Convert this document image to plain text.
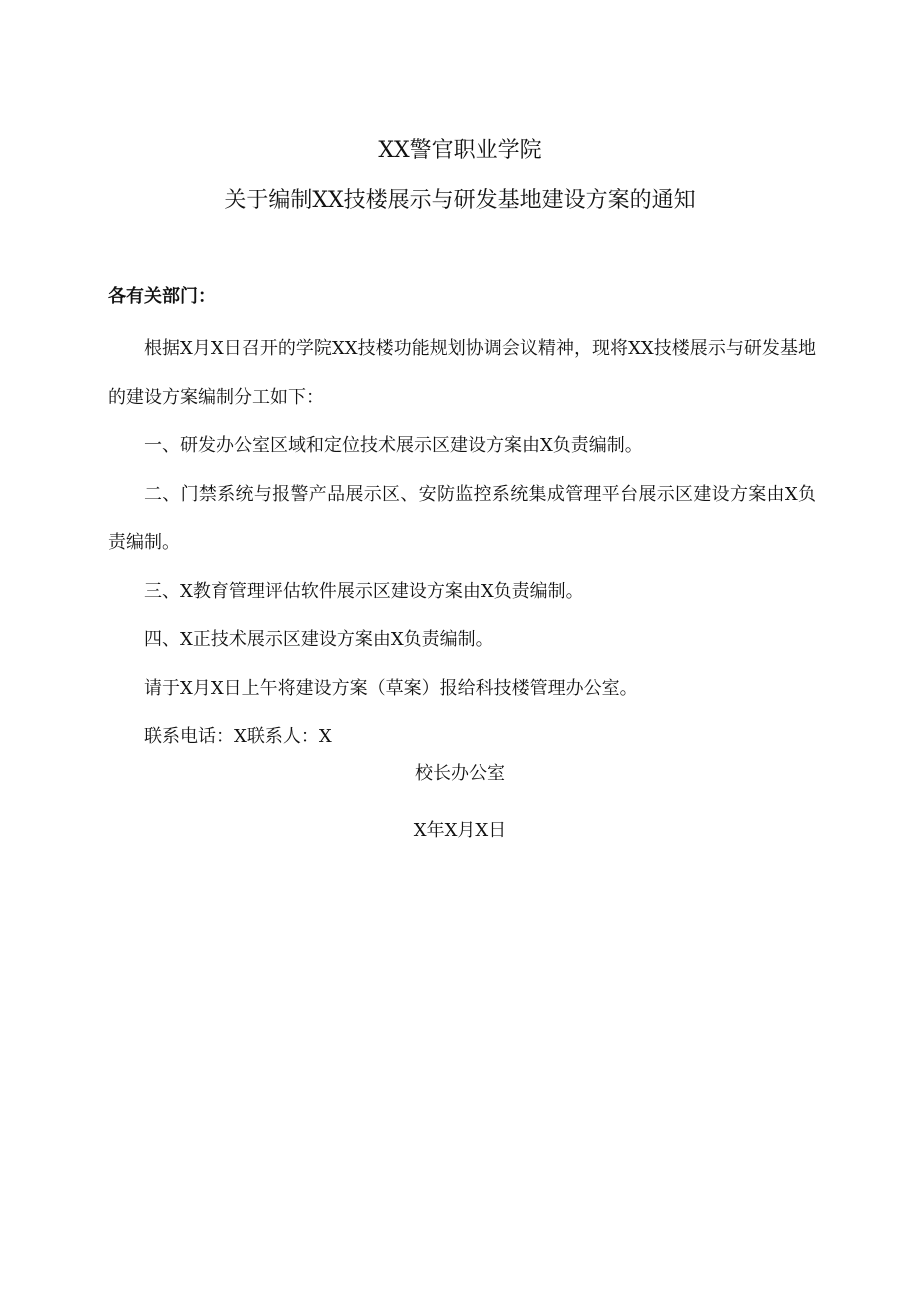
XX警官职业学院
关于编制XX技楼展示与研发基地建设方案的通知
各有关部门：

根据X月X日召开的学院XX技楼功能规划协调会议精神，现将XX技楼展示与研发基地的建设方案编制分工如下：

一、研发办公室区域和定位技术展示区建设方案由X负责编制。

二、门禁系统与报警产品展示区、安防监控系统集成管理平台展示区建设方案由X负责编制。

三、X教育管理评估软件展示区建设方案由X负责编制。

四、X正技术展示区建设方案由X负责编制。

请于X月X日上午将建设方案（草案）报给科技楼管理办公室。

联系电话：X联系人：X

校长办公室
X年X月X日
